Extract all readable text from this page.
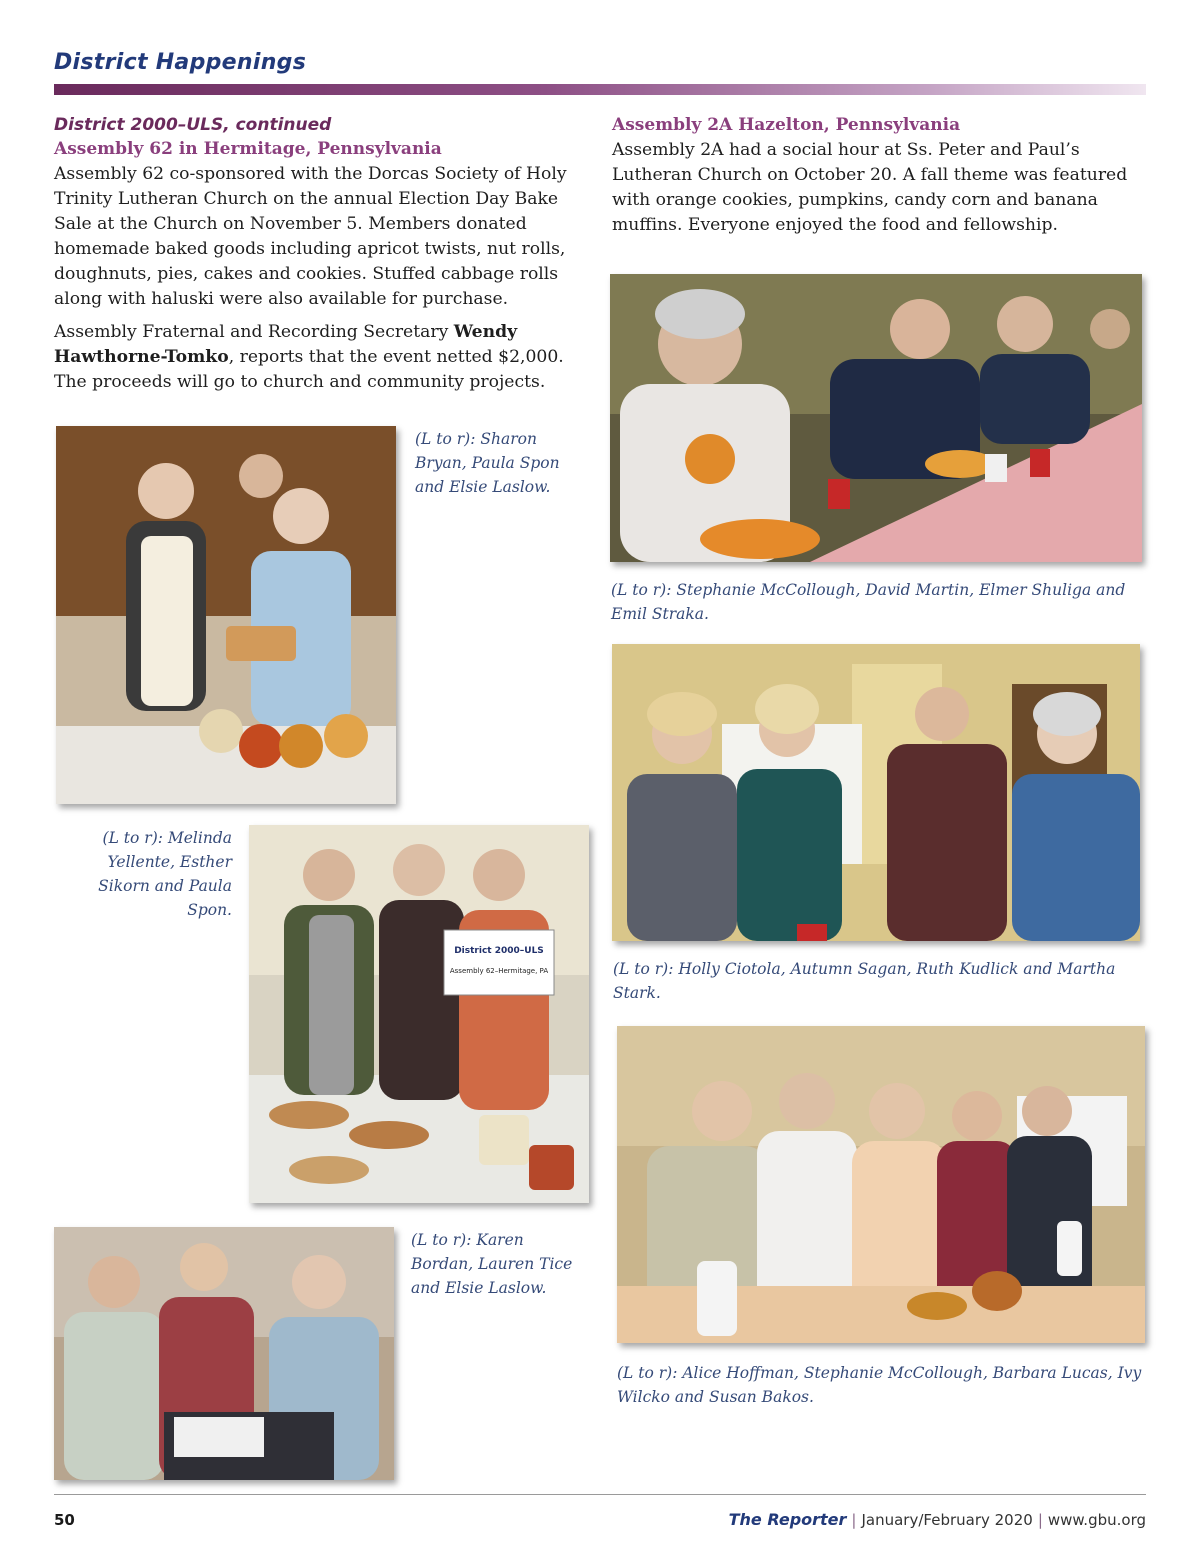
District Happenings

District 2000–ULS, continued

Assembly 62 in Hermitage, Pennsylvania

Assembly 62 co-sponsored with the Dorcas Society of Holy Trinity Lutheran Church on the annual Election Day Bake Sale at the Church on November 5. Members donated homemade baked goods including apricot twists, nut rolls, doughnuts, pies, cakes and cookies. Stuffed cabbage rolls along with haluski were also available for purchase.

Assembly Fraternal and Recording Secretary Wendy Hawthorne-Tomko, reports that the event netted $2,000. The proceeds will go to church and community projects.

Assembly 2A Hazelton, Pennsylvania

Assembly 2A had a social hour at Ss. Peter and Paul’s Lutheran Church on October 20. A fall theme was featured with orange cookies, pumpkins, candy corn and banana muffins. Everyone enjoyed the food and fellowship.

(L to r): Sharon Bryan, Paula Spon and Elsie Laslow.

District 2000–ULS
Assembly 62–Hermitage, PA

(L to r): Melinda Yellente, Esther Sikorn and Paula Spon.

(L to r): Karen Bordan, Lauren Tice and Elsie Laslow.

(L to r): Stephanie McCollough, David Martin, Elmer Shuliga and Emil Straka.

(L to r): Holly Ciotola, Autumn Sagan, Ruth Kudlick and Martha Stark.

(L to r): Alice Hoffman, Stephanie McCollough, Barbara Lucas, Ivy Wilcko and Susan Bakos.

50	The Reporter | January/February 2020 | www.gbu.org
